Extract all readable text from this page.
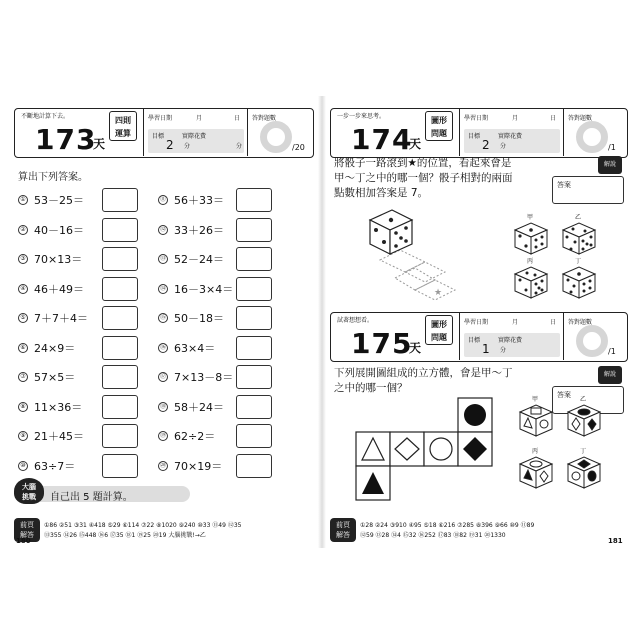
不斷地計算下去。
173
天
四則
運算
學習日期	月	日
目標	實際花費
2 分	分
答對題數
/20
算出下列答案。
① 53－25＝
② 40－16＝
③ 70×13＝
④ 46＋49＝
⑤ 7＋7＋4＝
⑥ 24×9＝
⑦ 57×5＝
⑧ 11×36＝
⑨ 21＋45＝
⑩ 63÷7＝
⑪ 56＋33＝
⑫ 33＋26＝
⑬ 52－24＝
⑭ 16－3×4＝
⑮ 50－18＝
⑯ 63×4＝
⑰ 7×13－8＝
⑱ 58＋24＝
⑲ 62÷2＝
⑳ 70×19＝
大腦
挑戰	自己出 5 題計算。
前頁
解答
①86 ②51 ③31 ④418 ⑤29 ⑥114 ⑦22 ⑧1020 ⑨240 ⑩33 ⑪49 ⑫35
⑬355 ⑭26 ⑮448 ⑯6 ⑰35 ⑱1 ⑲25 ⑳19 大腦挑戰!→乙
180
一步一步來思考。
174
天
圖形
問題
學習日期	月	日
目標	實際花費
2 分
答對題數
/1
將骰子一路滾到★的位置，看起來會是
甲～丁之中的哪一個？骰子相對的兩面
點數相加答案是 7。
解說
答案
★
甲	乙
丙	丁
試著想想看。
175
天
圖形
問題
學習日期	月	日
目標	實際花費
1 分
答對題數
/1
下列展開圖組成的立方體，會是甲～丁
之中的哪一個？
解說
答案
甲	乙
丙	丁
前頁
解答
①28 ②24 ③910 ④95 ⑤18 ⑥216 ⑦285 ⑧396 ⑨66 ⑩9 ⑪89
⑫59 ⑬28 ⑭4 ⑮32 ⑯252 ⑰83 ⑱82 ⑲31 ⑳1330
181
